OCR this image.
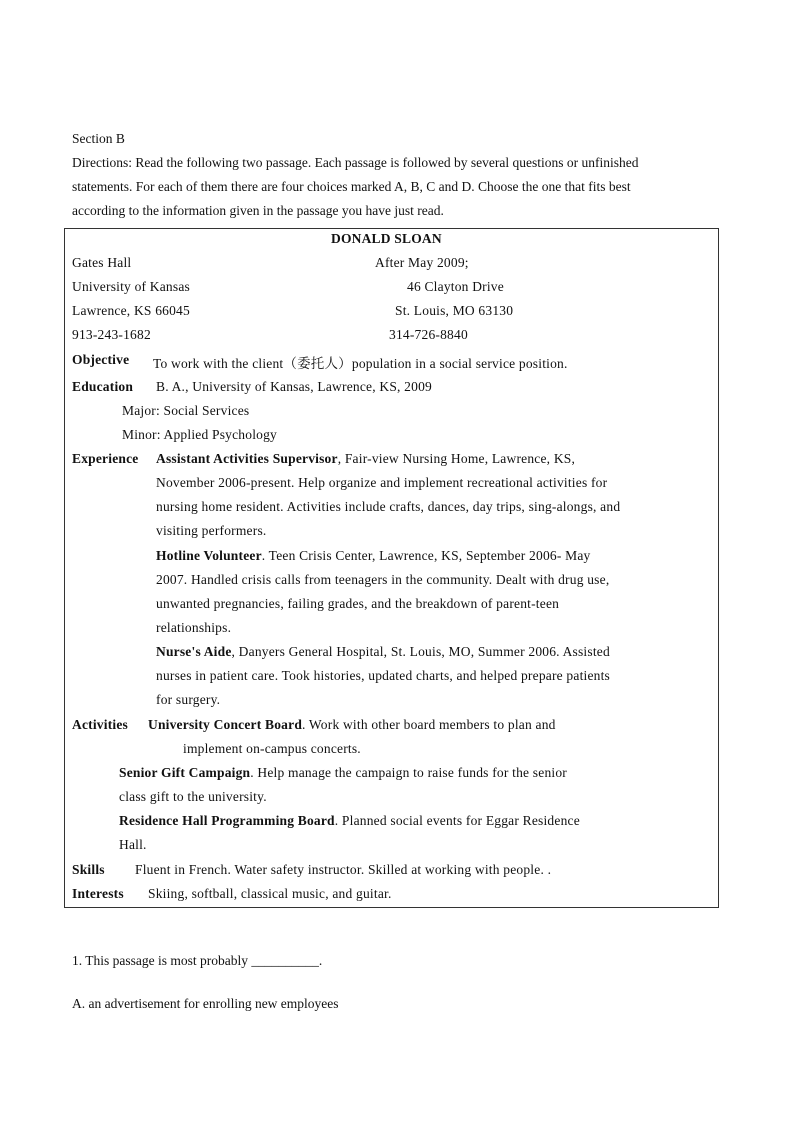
Section B
Directions: Read the following two passage. Each passage is followed by several questions or unfinished
statements. For each of them there are four choices marked A, B, C and D. Choose the one that fits best
according to the information given in the passage you have just read.
DONALD SLOAN
Gates Hall
University of Kansas
Lawrence, KS 66045
913-243-1682
After May 2009;
46 Clayton Drive
St. Louis, MO 63130
314-726-8840
Objective To work with the client（委托人）population in a social service position.
Education B. A., University of Kansas, Lawrence, KS, 2009
Major: Social Services
Minor: Applied Psychology
Experience Assistant Activities Supervisor, Fair-view Nursing Home, Lawrence, KS,
November 2006-present. Help organize and implement recreational activities for
nursing home resident. Activities include crafts, dances, day trips, sing-alongs, and
visiting performers.
Hotline Volunteer. Teen Crisis Center, Lawrence, KS, September 2006- May
2007. Handled crisis calls from teenagers in the community. Dealt with drug use,
unwanted pregnancies, failing grades, and the breakdown of parent-teen
relationships.
Nurse's Aide, Danyers General Hospital, St. Louis, MO, Summer 2006. Assisted
nurses in patient care. Took histories, updated charts, and helped prepare patients
for surgery.
Activities University Concert Board. Work with other board members to plan and
implement on-campus concerts.
Senior Gift Campaign. Help manage the campaign to raise funds for the senior
class gift to the university.
Residence Hall Programming Board. Planned social events for Eggar Residence
Hall.
Skills Fluent in French. Water safety instructor. Skilled at working with people. .
Interests Skiing, softball, classical music, and guitar.
1. This passage is most probably __________.
A. an advertisement for enrolling new employees
